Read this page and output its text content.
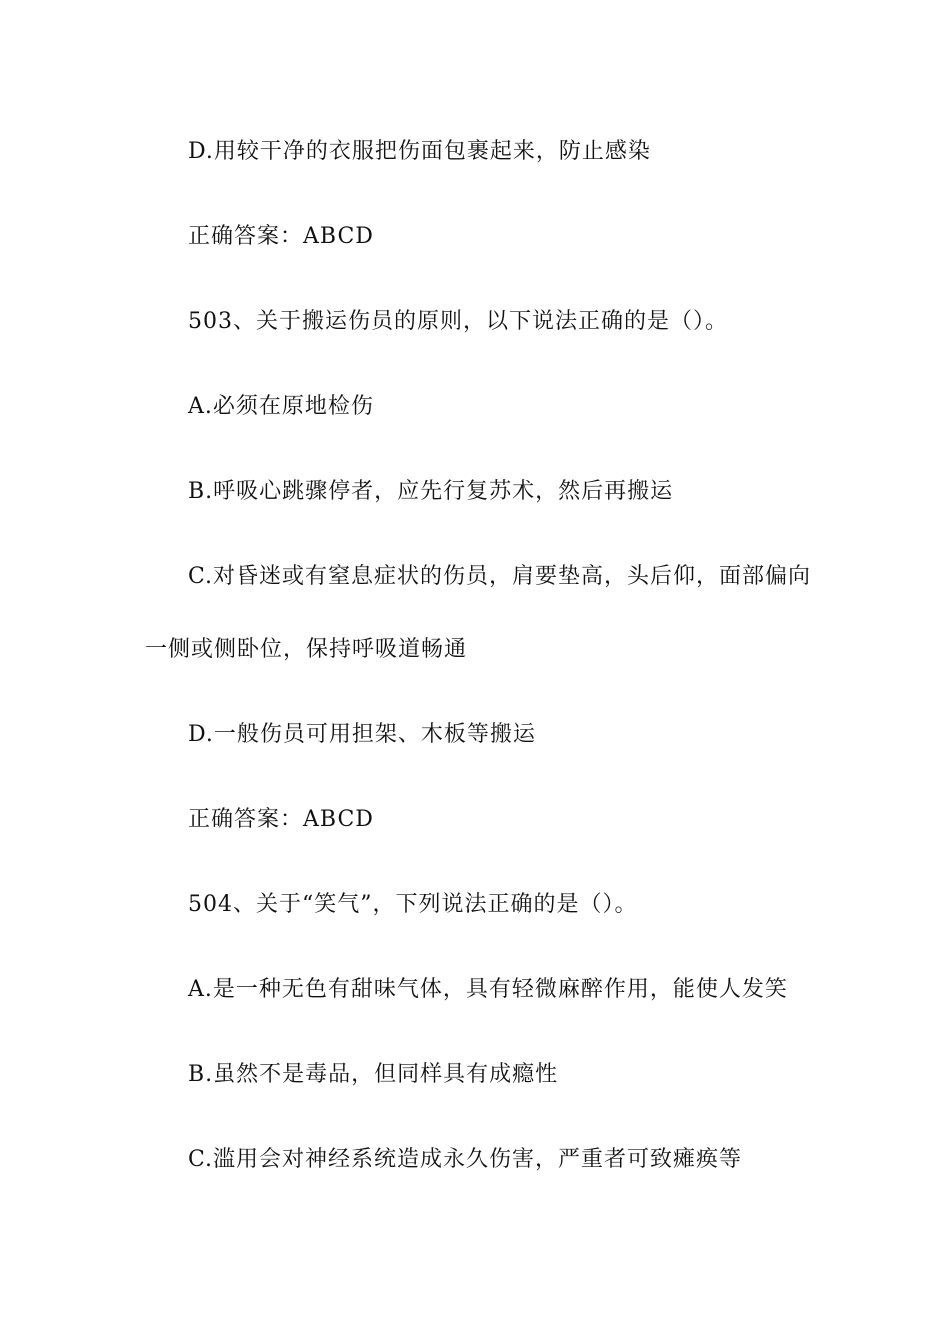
D.用较干净的衣服把伤面包裹起来，防止感染
正确答案：ABCD
503、关于搬运伤员的原则，以下说法正确的是（）。
A.必须在原地检伤
B.呼吸心跳骤停者，应先行复苏术，然后再搬运
C.对昏迷或有窒息症状的伤员，肩要垫高，头后仰，面部偏向
一侧或侧卧位，保持呼吸道畅通
D.一般伤员可用担架、木板等搬运
正确答案：ABCD
504、关于“笑气”，下列说法正确的是（）。
A.是一种无色有甜味气体，具有轻微麻醉作用，能使人发笑
B.虽然不是毒品，但同样具有成瘾性
C.滥用会对神经系统造成永久伤害，严重者可致瘫痪等
